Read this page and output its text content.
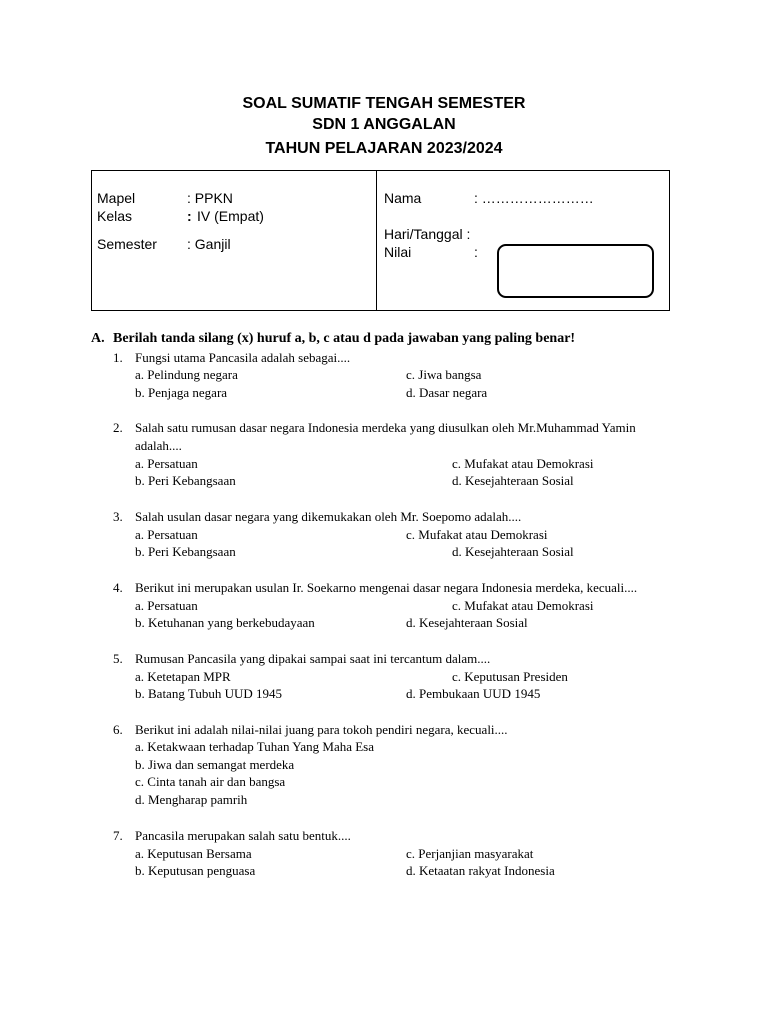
SOAL SUMATIF TENGAH SEMESTER
SDN 1 ANGGALAN
TAHUN PELAJARAN 2023/2024
Mapel	: PPKN
Kelas	: IV (Empat)
Semester : Ganjil
Nama	: ……………………
Hari/Tanggal :
Nilai	:
A. Berilah tanda silang (x) huruf a, b, c atau d pada jawaban yang paling benar!
1. Fungsi utama Pancasila adalah sebagai....
a. Pelindung negara	c. Jiwa bangsa
b. Penjaga negara	d. Dasar negara
2. Salah satu rumusan dasar negara Indonesia merdeka yang diusulkan oleh Mr.Muhammad Yamin
adalah....
a. Persatuan	c. Mufakat atau Demokrasi
b. Peri Kebangsaan	d. Kesejahteraan Sosial
3. Salah usulan dasar negara yang dikemukakan oleh Mr. Soepomo adalah....
a. Persatuan	c. Mufakat atau Demokrasi
b. Peri Kebangsaan	d. Kesejahteraan Sosial
4. Berikut ini merupakan usulan Ir. Soekarno mengenai dasar negara Indonesia merdeka, kecuali....
a. Persatuan	c. Mufakat atau Demokrasi
b. Ketuhanan yang berkebudayaan	d. Kesejahteraan Sosial
5. Rumusan Pancasila yang dipakai sampai saat ini tercantum dalam....
a. Ketetapan MPR	c. Keputusan Presiden
b. Batang Tubuh UUD 1945	d. Pembukaan UUD 1945
6. Berikut ini adalah nilai-nilai juang para tokoh pendiri negara, kecuali....
a. Ketakwaan terhadap Tuhan Yang Maha Esa
b. Jiwa dan semangat merdeka
c. Cinta tanah air dan bangsa
d. Mengharap pamrih
7. Pancasila merupakan salah satu bentuk....
a. Keputusan Bersama	c. Perjanjian masyarakat
b. Keputusan penguasa	d. Ketaatan rakyat Indonesia
